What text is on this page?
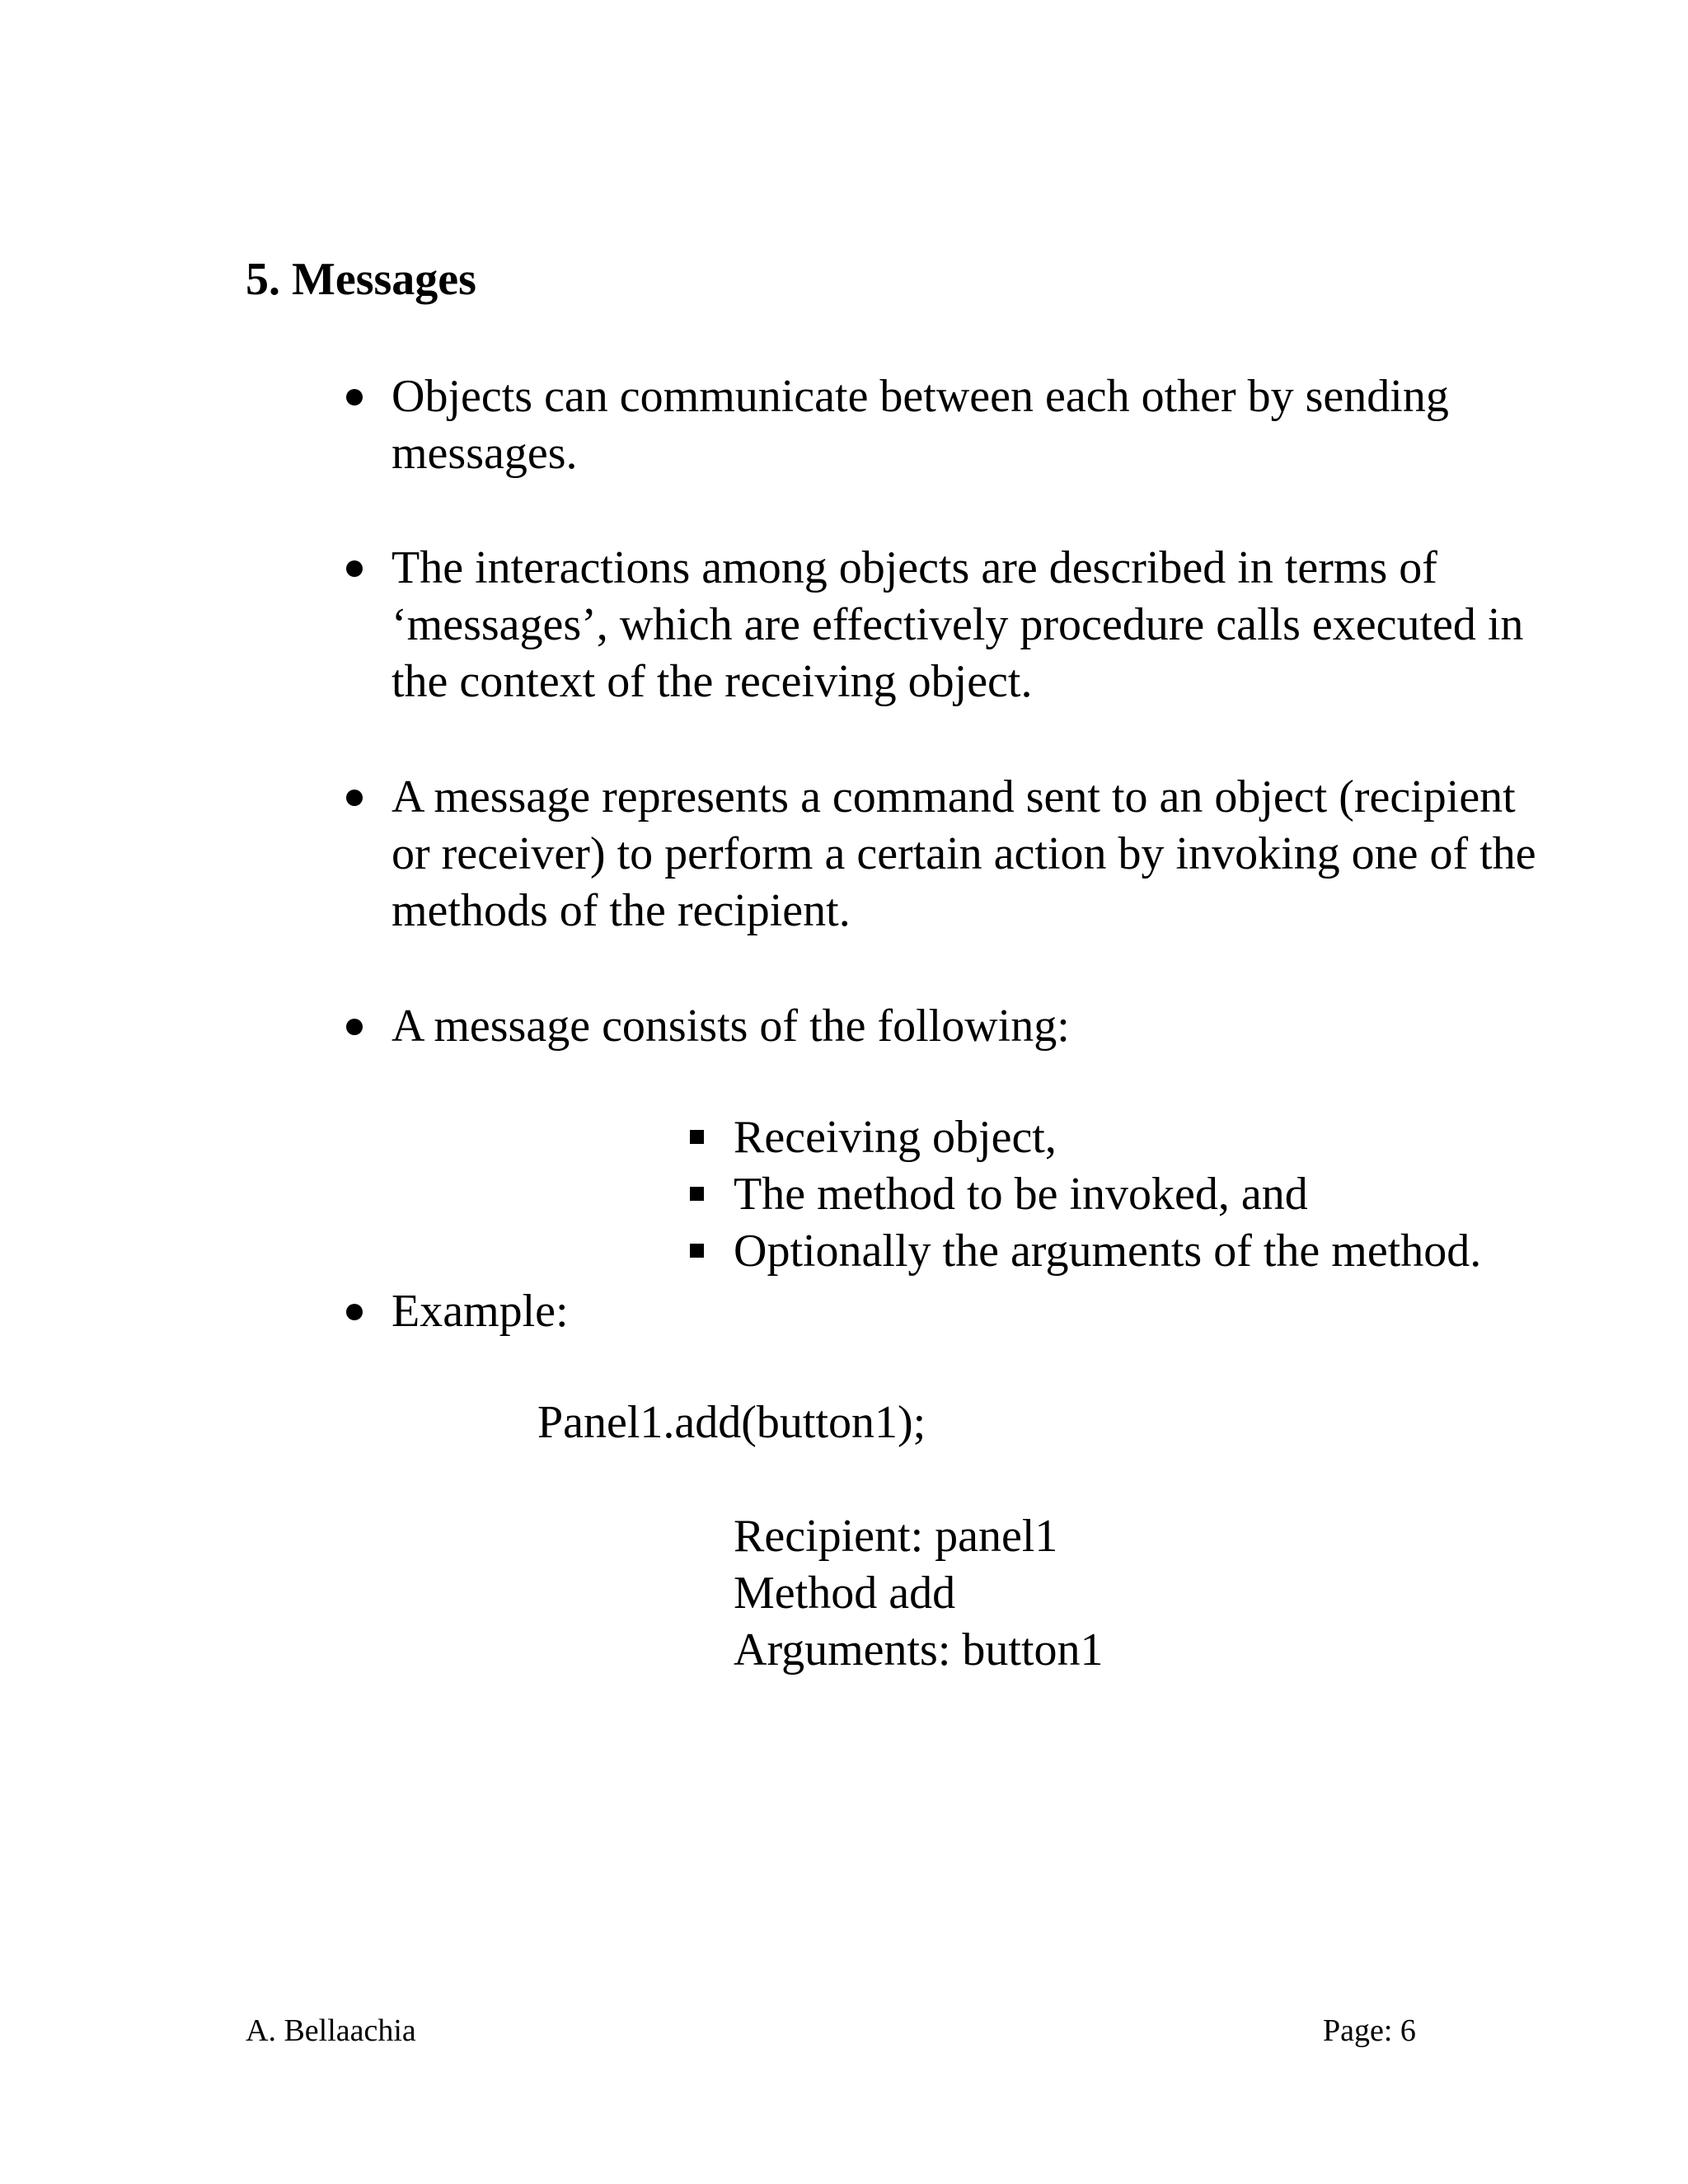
5. Messages
Objects can communicate between each other by sending
messages.
The interactions among objects are described in terms of
‘messages’, which are effectively procedure calls executed in
the context of the receiving object.
A message represents a command sent to an object (recipient
or receiver) to perform a certain action by invoking one of the
methods of the recipient.
A message consists of the following:
Receiving object,
The method to be invoked, and
Optionally the arguments of the method.
Example:
Panel1.add(button1);
Recipient: panel1
Method add
Arguments: button1
A. Bellaachia	Page: 6
